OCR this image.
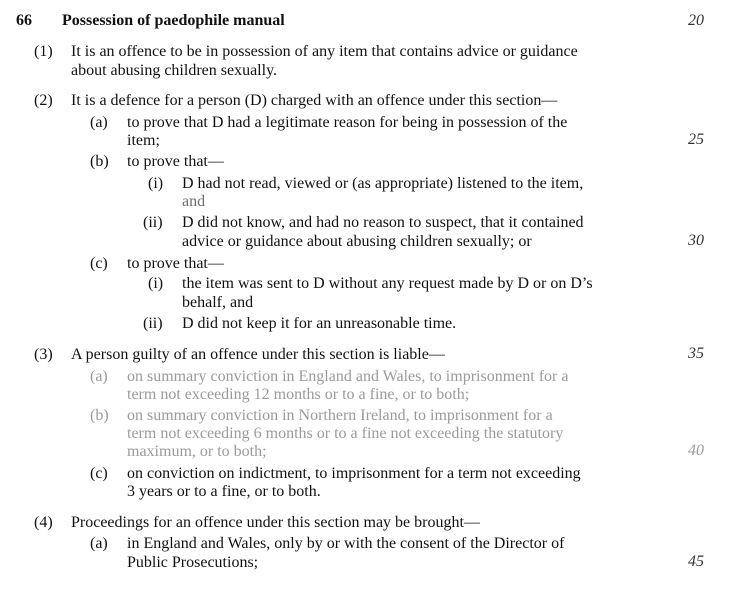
66 Possession of paedophile manual	20
(1) It is an offence to be in possession of any item that contains advice or guidance
about abusing children sexually.
(2) It is a defence for a person (D) charged with an offence under this section—
(a) to prove that D had a legitimate reason for being in possession of the
item;	25
(b) to prove that—
(i) D had not read, viewed or (as appropriate) listened to the item,
and
(ii) D did not know, and had no reason to suspect, that it contained
advice or guidance about abusing children sexually; or	30
(c) to prove that—
(i) the item was sent to D without any request made by D or on D’s
behalf, and
(ii) D did not keep it for an unreasonable time.
(3) A person guilty of an offence under this section is liable—	35
(a) on summary conviction in England and Wales, to imprisonment for a
term not exceeding 12 months or to a fine, or to both;
(b) on summary conviction in Northern Ireland, to imprisonment for a
term not exceeding 6 months or to a fine not exceeding the statutory
maximum, or to both;	40
(c) on conviction on indictment, to imprisonment for a term not exceeding
3 years or to a fine, or to both.
(4) Proceedings for an offence under this section may be brought—
(a) in England and Wales, only by or with the consent of the Director of
Public Prosecutions;	45
